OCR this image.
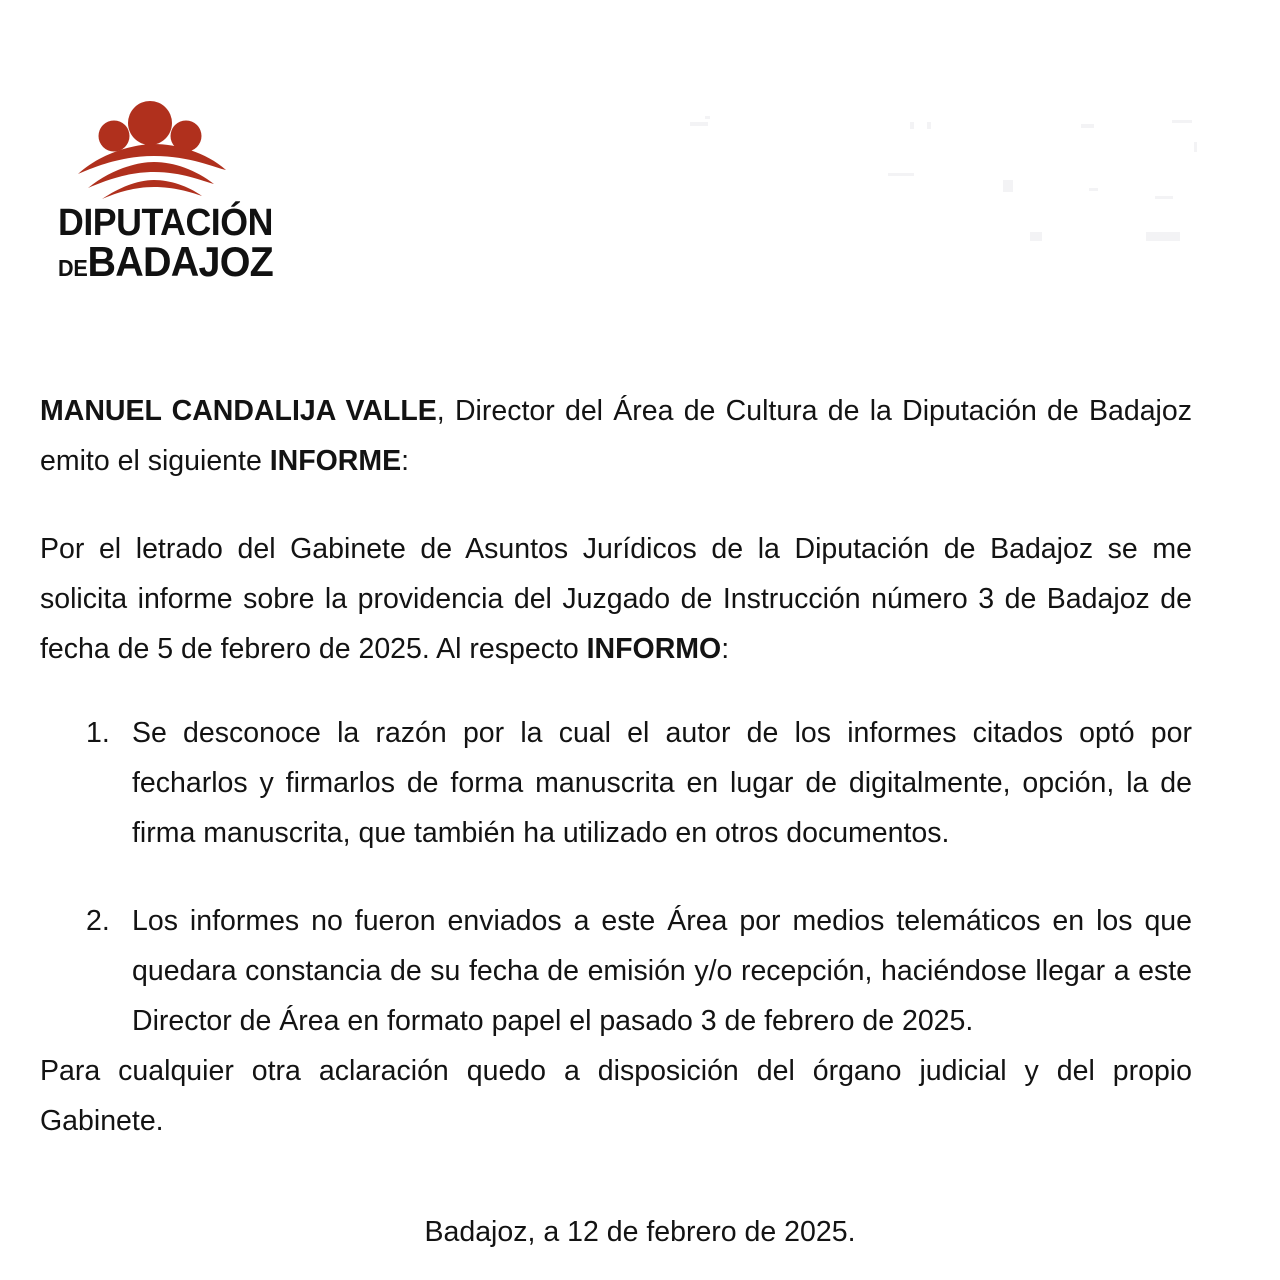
DIPUTACIÓN
DEBADAJOZ

MANUEL CANDALIJA VALLE, Director del Área de Cultura de la Diputación de Badajoz emito el siguiente INFORME:

Por el letrado del Gabinete de Asuntos Jurídicos de la Diputación de Badajoz se me solicita informe sobre la providencia del Juzgado de Instrucción número 3 de Badajoz de fecha de 5 de febrero de 2025. Al respecto INFORMO:

1. Se desconoce la razón por la cual el autor de los informes citados optó por fecharlos y firmarlos de forma manuscrita en lugar de digitalmente, opción, la de firma manuscrita, que también ha utilizado en otros documentos.
2. Los informes no fueron enviados a este Área por medios telemáticos en los que quedara constancia de su fecha de emisión y/o recepción, haciéndose llegar a este Director de Área en formato papel el pasado 3 de febrero de 2025.

Para cualquier otra aclaración quedo a disposición del órgano judicial y del propio Gabinete.

Badajoz, a 12 de febrero de 2025.
